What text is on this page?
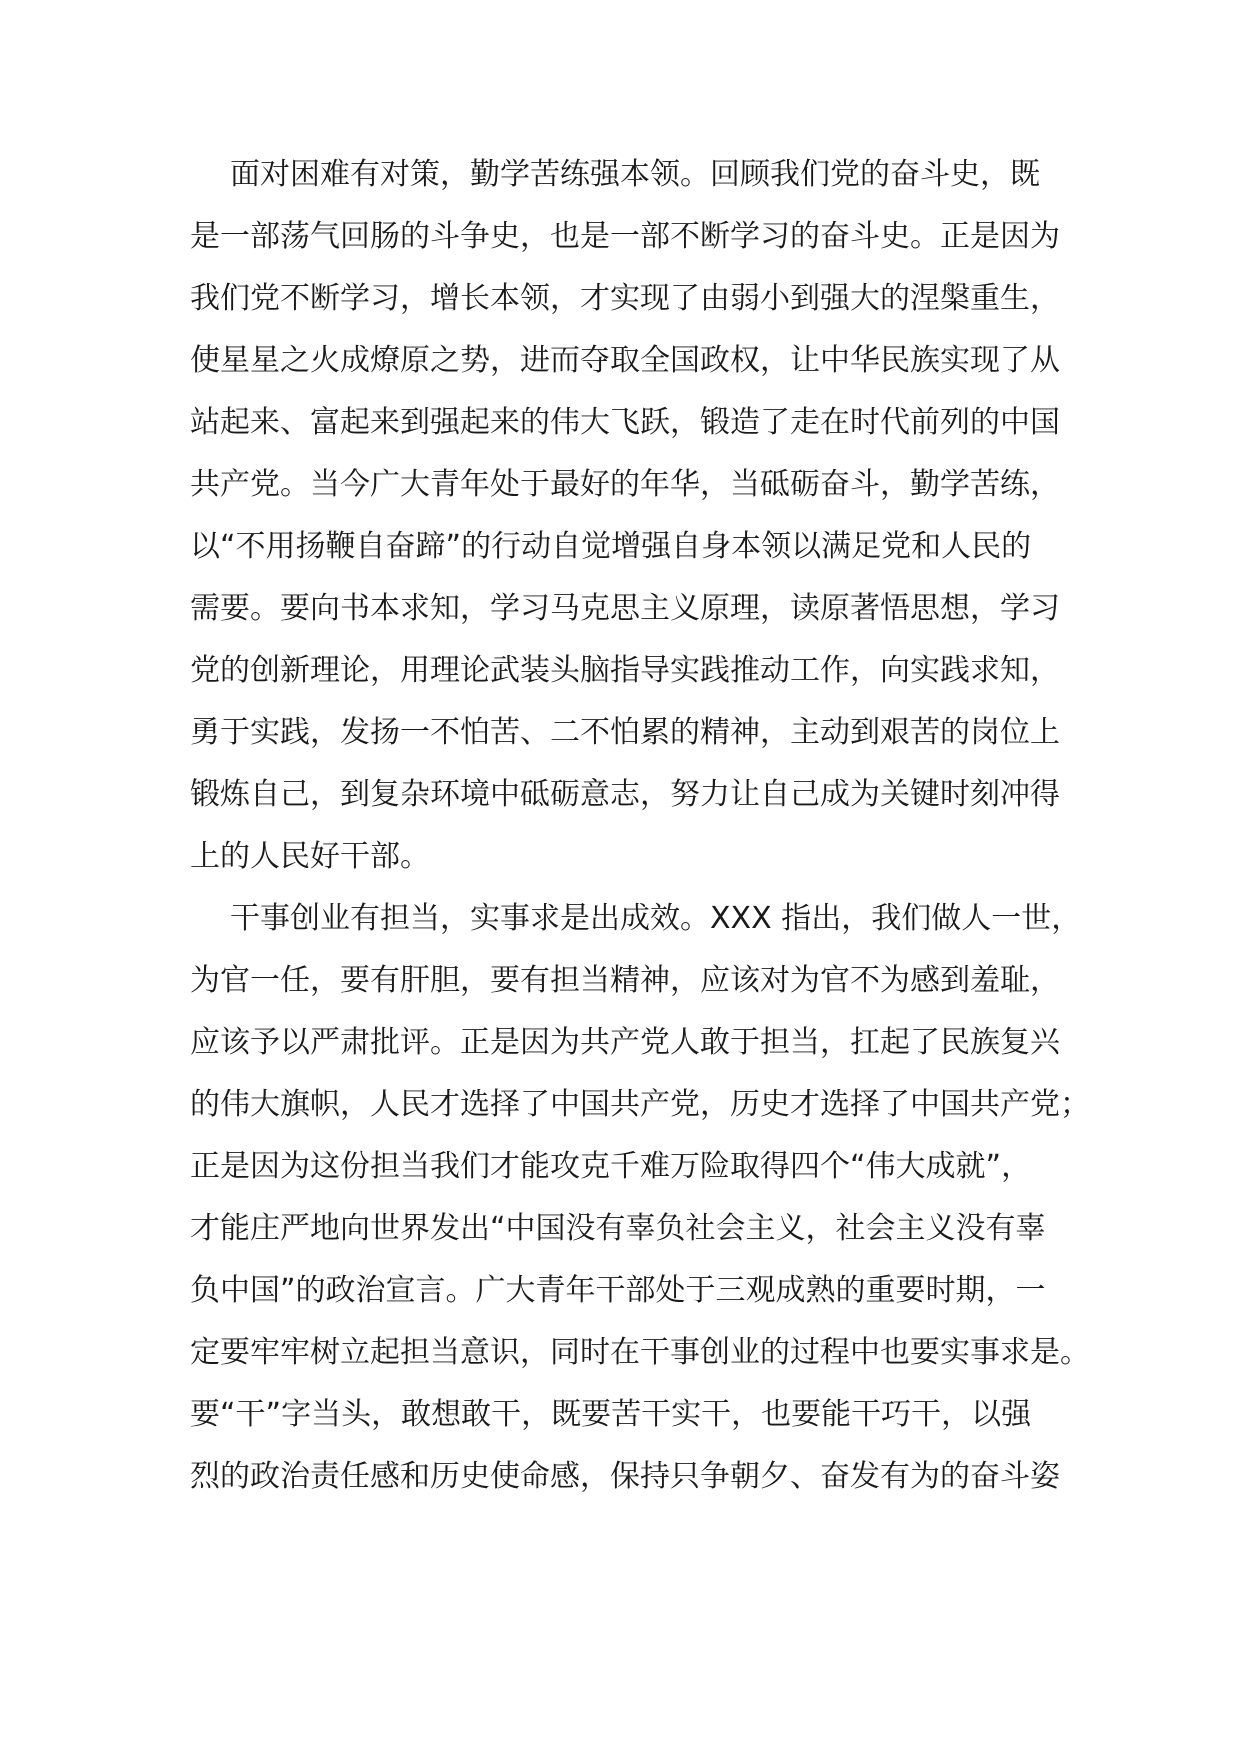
面对困难有对策，勤学苦练强本领。回顾我们党的奋斗史，既
是一部荡气回肠的斗争史，也是一部不断学习的奋斗史。正是因为
我们党不断学习，增长本领，才实现了由弱小到强大的涅槃重生，
使星星之火成燎原之势，进而夺取全国政权，让中华民族实现了从
站起来、富起来到强起来的伟大飞跃，锻造了走在时代前列的中国
共产党。当今广大青年处于最好的年华，当砥砺奋斗，勤学苦练，
以“不用扬鞭自奋蹄”的行动自觉增强自身本领以满足党和人民的
需要。要向书本求知，学习马克思主义原理，读原著悟思想，学习
党的创新理论，用理论武装头脑指导实践推动工作，向实践求知，
勇于实践，发扬一不怕苦、二不怕累的精神，主动到艰苦的岗位上
锻炼自己，到复杂环境中砥砺意志，努力让自己成为关键时刻冲得
上的人民好干部。
干事创业有担当，实事求是出成效。XXX 指出，我们做人一世，
为官一任，要有肝胆，要有担当精神，应该对为官不为感到羞耻，
应该予以严肃批评。正是因为共产党人敢于担当，扛起了民族复兴
的伟大旗帜，人民才选择了中国共产党，历史才选择了中国共产党；
正是因为这份担当我们才能攻克千难万险取得四个“伟大成就”，
才能庄严地向世界发出“中国没有辜负社会主义，社会主义没有辜
负中国”的政治宣言。广大青年干部处于三观成熟的重要时期，一
定要牢牢树立起担当意识，同时在干事创业的过程中也要实事求是。
要“干”字当头，敢想敢干，既要苦干实干，也要能干巧干，以强
烈的政治责任感和历史使命感，保持只争朝夕、奋发有为的奋斗姿
